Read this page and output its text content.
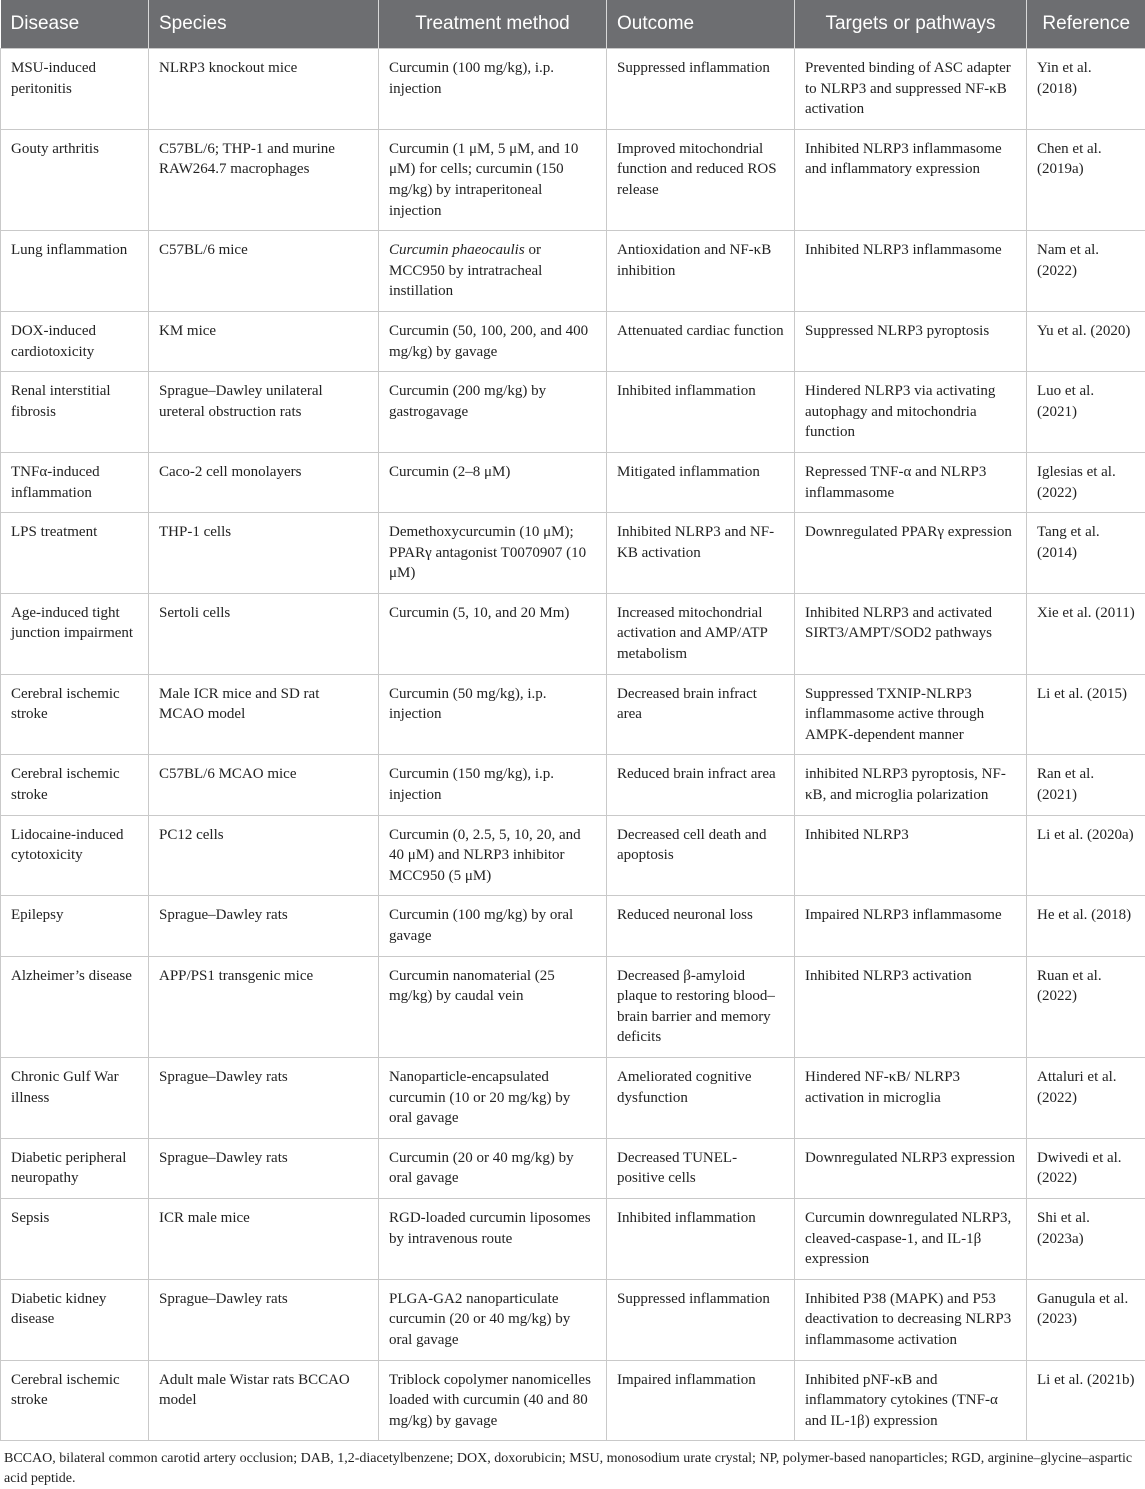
Disease	Species	Treatment method	Outcome	Targets or pathways	Reference
MSU-induced peritonitis	NLRP3 knockout mice	Curcumin (100 mg/kg), i.p. injection	Suppressed inflammation	Prevented binding of ASC adapter to NLRP3 and suppressed NF-κB activation	Yin et al. (2018)
Gouty arthritis	C57BL/6; THP-1 and murine RAW264.7 macrophages	Curcumin (1 μM, 5 μM, and 10 μM) for cells; curcumin (150 mg/kg) by intraperitoneal injection	Improved mitochondrial function and reduced ROS release	Inhibited NLRP3 inflammasome and inflammatory expression	Chen et al. (2019a)
Lung inflammation	C57BL/6 mice	Curcumin phaeocaulis or MCC950 by intratracheal instillation	Antioxidation and NF-κB inhibition	Inhibited NLRP3 inflammasome	Nam et al. (2022)
DOX-induced cardiotoxicity	KM mice	Curcumin (50, 100, 200, and 400 mg/kg) by gavage	Attenuated cardiac function	Suppressed NLRP3 pyroptosis	Yu et al. (2020)
Renal interstitial fibrosis	Sprague–Dawley unilateral ureteral obstruction rats	Curcumin (200 mg/kg) by gastrogavage	Inhibited inflammation	Hindered NLRP3 via activating autophagy and mitochondria function	Luo et al. (2021)
TNFα-induced inflammation	Caco-2 cell monolayers	Curcumin (2–8 μM)	Mitigated inflammation	Repressed TNF-α and NLRP3 inflammasome	Iglesias et al. (2022)
LPS treatment	THP-1 cells	Demethoxycurcumin (10 μM); PPARγ antagonist T0070907 (10 μM)	Inhibited NLRP3 and NF-KB activation	Downregulated PPARγ expression	Tang et al. (2014)
Age-induced tight junction impairment	Sertoli cells	Curcumin (5, 10, and 20 Mm)	Increased mitochondrial activation and AMP/ATP metabolism	Inhibited NLRP3 and activated SIRT3/AMPT/SOD2 pathways	Xie et al. (2011)
Cerebral ischemic stroke	Male ICR mice and SD rat MCAO model	Curcumin (50 mg/kg), i.p. injection	Decreased brain infract area	Suppressed TXNIP-NLRP3 inflammasome active through AMPK-dependent manner	Li et al. (2015)
Cerebral ischemic stroke	C57BL/6 MCAO mice	Curcumin (150 mg/kg), i.p. injection	Reduced brain infract area	inhibited NLRP3 pyroptosis, NF-κB, and microglia polarization	Ran et al. (2021)
Lidocaine-induced cytotoxicity	PC12 cells	Curcumin (0, 2.5, 5, 10, 20, and 40 μM) and NLRP3 inhibitor MCC950 (5 μM)	Decreased cell death and apoptosis	Inhibited NLRP3	Li et al. (2020a)
Epilepsy	Sprague–Dawley rats	Curcumin (100 mg/kg) by oral gavage	Reduced neuronal loss	Impaired NLRP3 inflammasome	He et al. (2018)
Alzheimer’s disease	APP/PS1 transgenic mice	Curcumin nanomaterial (25 mg/kg) by caudal vein	Decreased β-amyloid plaque to restoring blood–brain barrier and memory deficits	Inhibited NLRP3 activation	Ruan et al. (2022)
Chronic Gulf War illness	Sprague–Dawley rats	Nanoparticle-encapsulated curcumin (10 or 20 mg/kg) by oral gavage	Ameliorated cognitive dysfunction	Hindered NF-κB/ NLRP3 activation in microglia	Attaluri et al. (2022)
Diabetic peripheral neuropathy	Sprague–Dawley rats	Curcumin (20 or 40 mg/kg) by oral gavage	Decreased TUNEL-positive cells	Downregulated NLRP3 expression	Dwivedi et al. (2022)
Sepsis	ICR male mice	RGD-loaded curcumin liposomes by intravenous route	Inhibited inflammation	Curcumin downregulated NLRP3, cleaved-caspase-1, and IL-1β expression	Shi et al. (2023a)
Diabetic kidney disease	Sprague–Dawley rats	PLGA-GA2 nanoparticulate curcumin (20 or 40 mg/kg) by oral gavage	Suppressed inflammation	Inhibited P38 (MAPK) and P53 deactivation to decreasing NLRP3 inflammasome activation	Ganugula et al. (2023)
Cerebral ischemic stroke	Adult male Wistar rats BCCAO model	Triblock copolymer nanomicelles loaded with curcumin (40 and 80 mg/kg) by gavage	Impaired inflammation	Inhibited pNF-κB and inflammatory cytokines (TNF-α and IL-1β) expression	Li et al. (2021b)
BCCAO, bilateral common carotid artery occlusion; DAB, 1,2-diacetylbenzene; DOX, doxorubicin; MSU, monosodium urate crystal; NP, polymer-based nanoparticles; RGD, arginine–glycine–aspartic acid peptide.
